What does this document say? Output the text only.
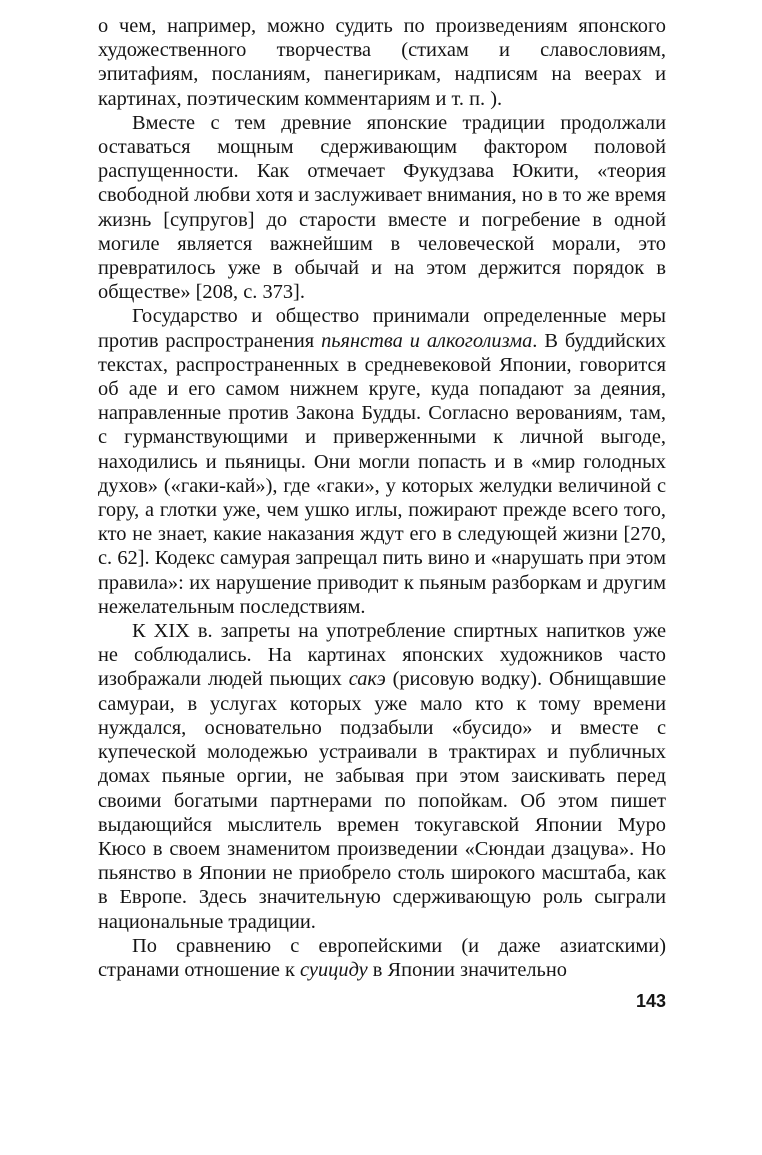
о чем, например, можно судить по произведениям японского художественного творчества (стихам и славословиям, эпитафиям, посланиям, панегирикам, надписям на веерах и картинах, поэтическим комментариям и т. п. ).

Вместе с тем древние японские традиции продолжали оставаться мощным сдерживающим фактором половой распущенности. Как отмечает Фукудзава Юкити, «теория свободной любви хотя и заслуживает внимания, но в то же время жизнь [супругов] до старости вместе и погребение в одной могиле является важнейшим в человеческой морали, это превратилось уже в обычай и на этом держится порядок в обществе» [208, с. 373].

Государство и общество принимали определенные меры против распространения пьянства и алкоголизма. В буддийских текстах, распространенных в средневековой Японии, говорится об аде и его самом нижнем круге, куда попадают за деяния, направленные против Закона Будды. Согласно верованиям, там, с гурманствующими и приверженными к личной выгоде, находились и пьяницы. Они могли попасть и в «мир голодных духов» («гаки-кай»), где «гаки», у которых желудки величиной с гору, а глотки уже, чем ушко иглы, пожирают прежде всего того, кто не знает, какие наказания ждут его в следующей жизни [270, с. 62]. Кодекс самурая запрещал пить вино и «нарушать при этом правила»: их нарушение приводит к пьяным разборкам и другим нежелательным последствиям.

К XIX в. запреты на употребление спиртных напитков уже не соблюдались. На картинах японских художников часто изображали людей пьющих сакэ (рисовую водку). Обнищавшие самураи, в услугах которых уже мало кто к тому времени нуждался, основательно подзабыли «бусидо» и вместе с купеческой молодежью устраивали в трактирах и публичных домах пьяные оргии, не забывая при этом заискивать перед своими богатыми партнерами по попойкам. Об этом пишет выдающийся мыслитель времен токугавской Японии Муро Кюсо в своем знаменитом произведении «Сюндаи дзацува». Но пьянство в Японии не приобрело столь широкого масштаба, как в Европе. Здесь значительную сдерживающую роль сыграли национальные традиции.

По сравнению с европейскими (и даже азиатскими) странами отношение к суициду в Японии значительно

143
